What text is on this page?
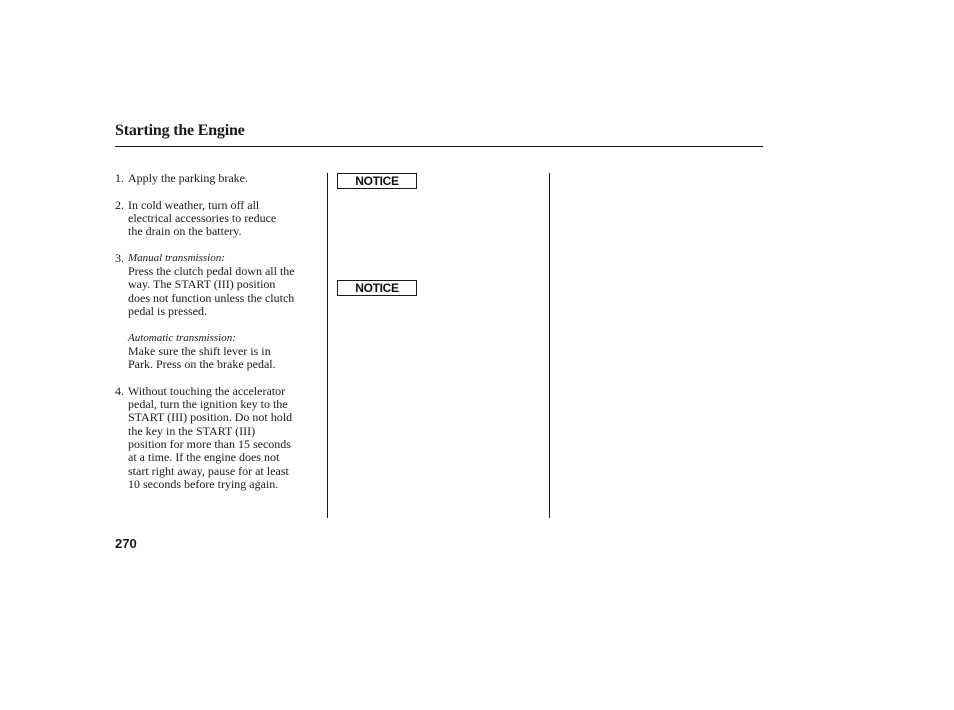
Starting the Engine
1. Apply the parking brake.

2. In cold weather, turn off all

electrical accessories to reduce

the drain on the battery.

3. Manual transmission:

Press the clutch pedal down all the

way. The START (III) position

does not function unless the clutch

pedal is pressed.

Automatic transmission:

Make sure the shift lever is in

Park. Press on the brake pedal.

4. Without touching the accelerator

pedal, turn the ignition key to the

START (III) position. Do not hold

the key in the START (III)

position for more than 15 seconds

at a time. If the engine does not

start right away, pause for at least

10 seconds before trying again.

NOTICE
NOTICE
270
